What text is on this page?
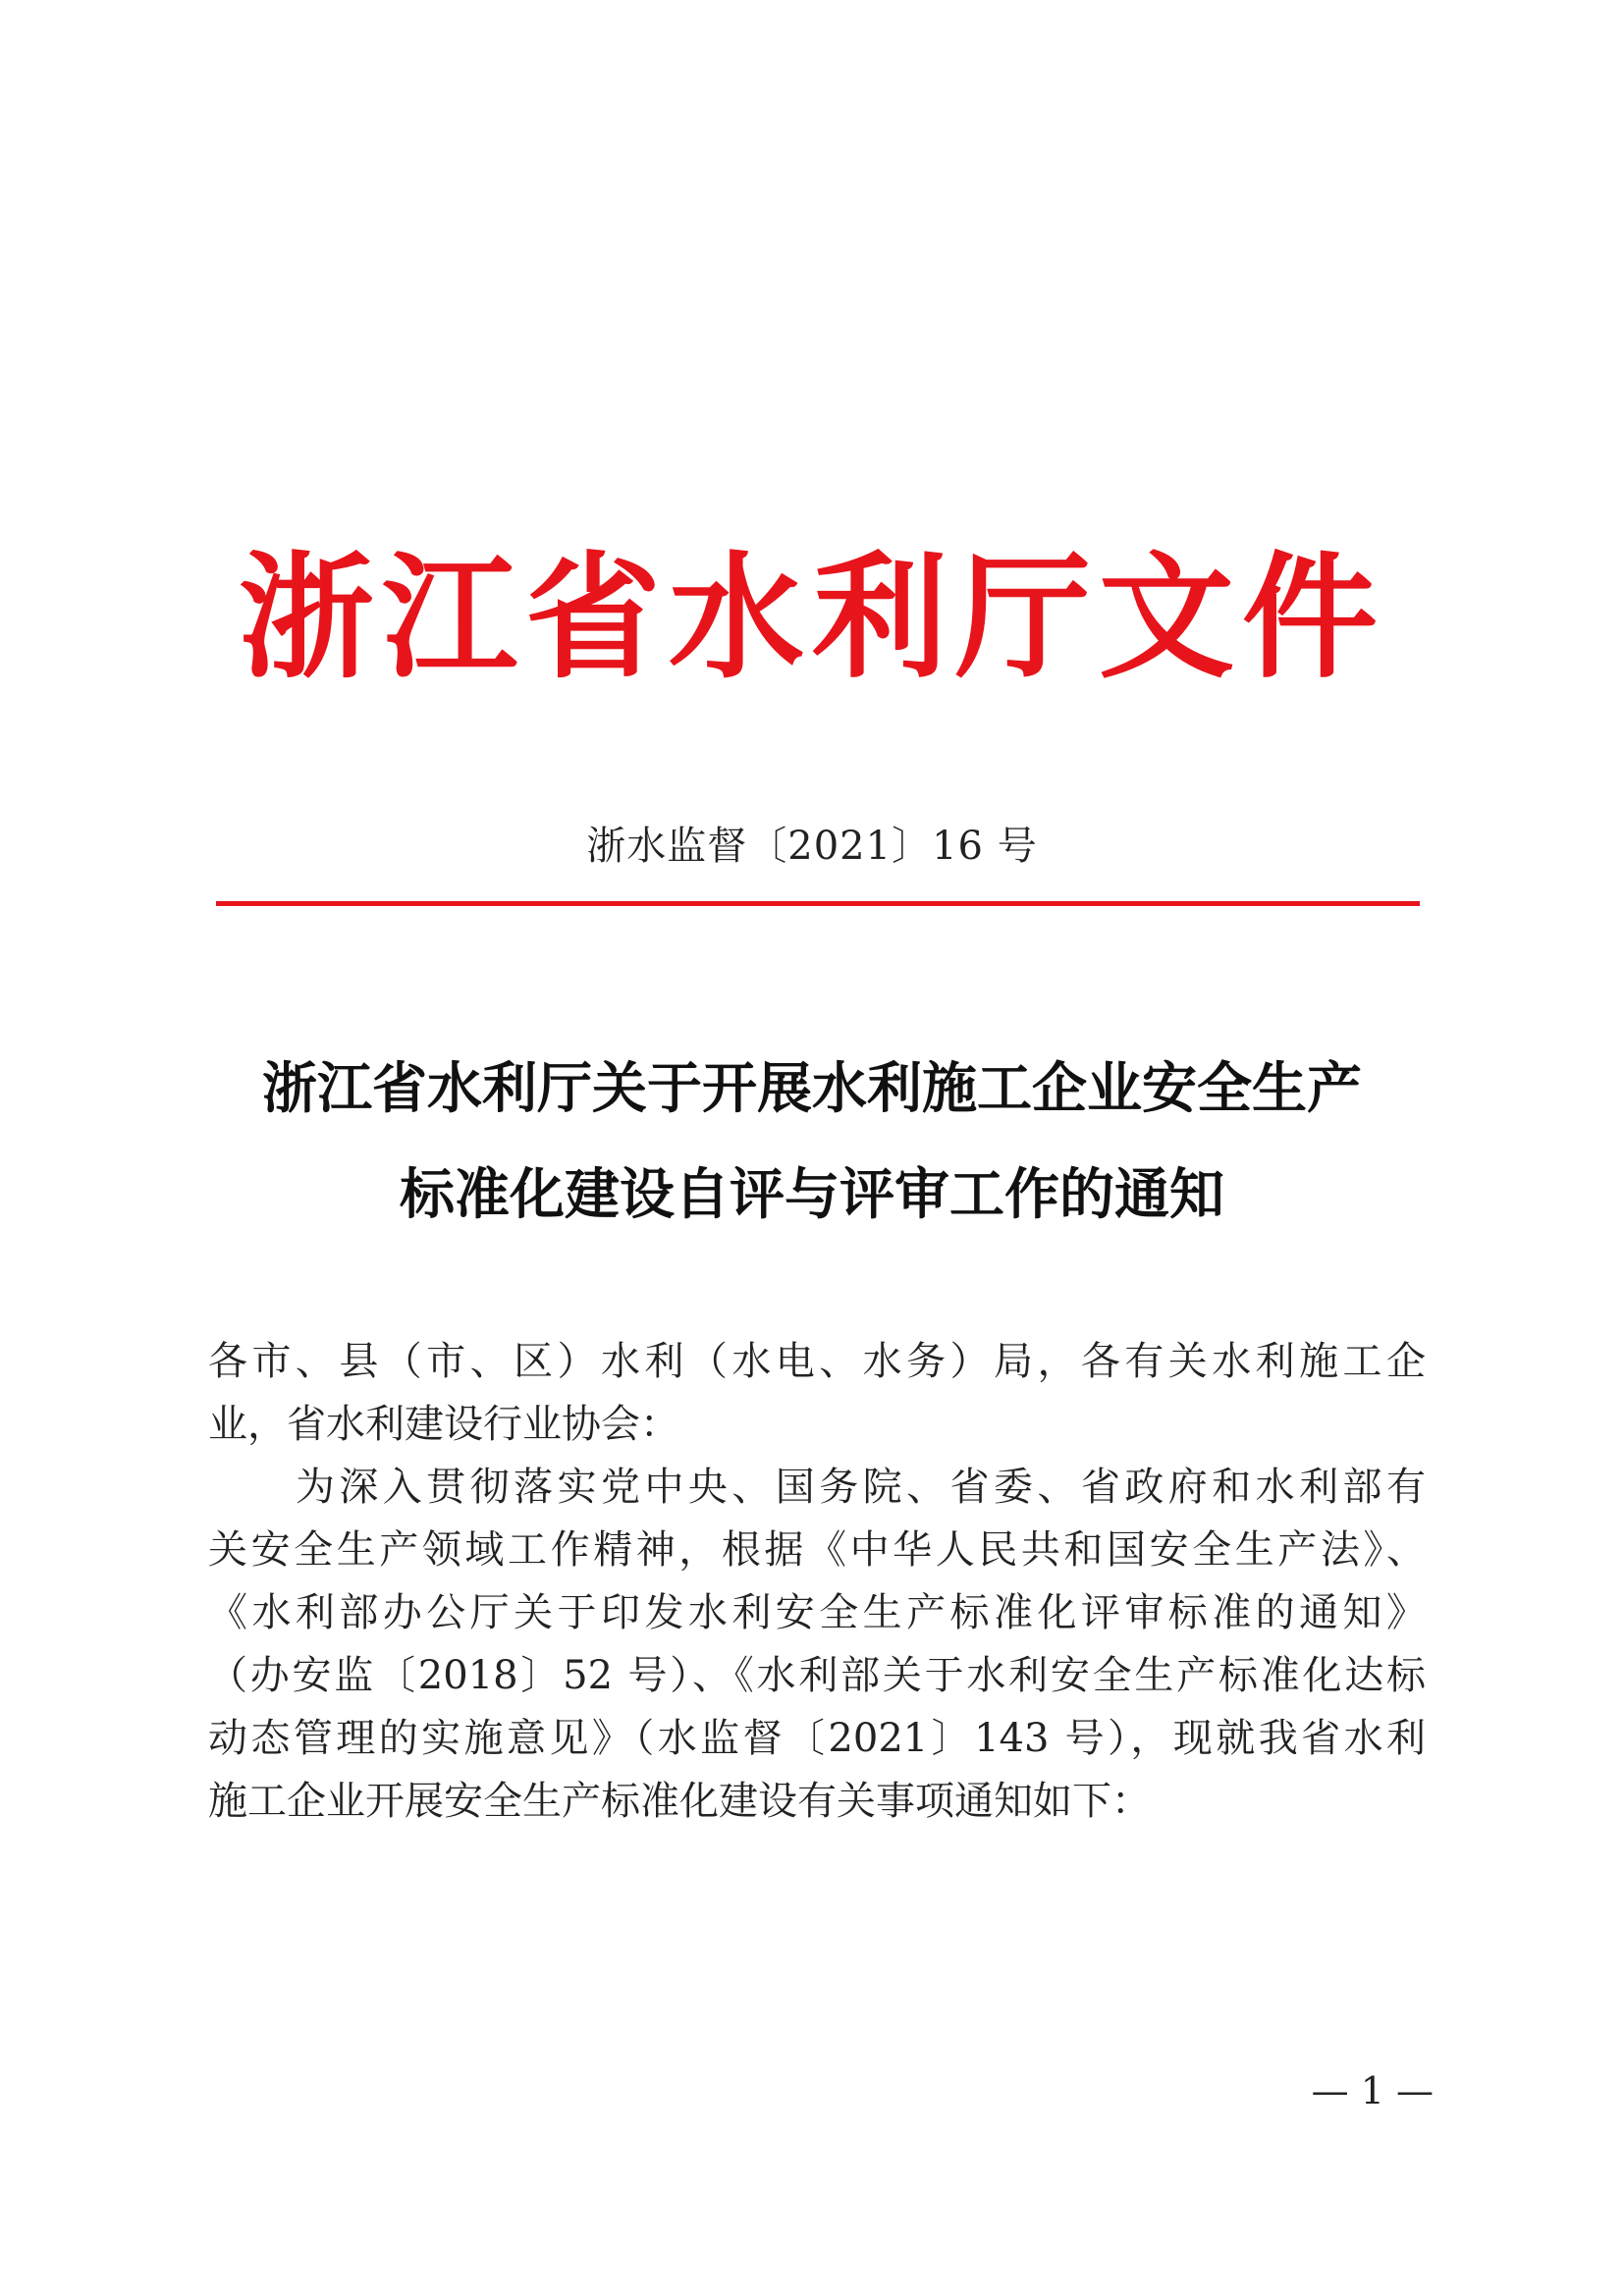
浙江省水利厅文件
浙水监督〔2021〕16 号
浙江省水利厅关于开展水利施工企业安全生产
标准化建设自评与评审工作的通知
各市、县（市、区）水利（水电、水务）局，各有关水利施工企
业，省水利建设行业协会：
　　为深入贯彻落实党中央、国务院、省委、省政府和水利部有
关安全生产领域工作精神，根据《中华人民共和国安全生产法》、
《水利部办公厅关于印发水利安全生产标准化评审标准的通知》
（办安监〔2018〕52 号）、《水利部关于水利安全生产标准化达标
动态管理的实施意见》（水监督〔2021〕143 号），现就我省水利
施工企业开展安全生产标准化建设有关事项通知如下：
— 1 —
